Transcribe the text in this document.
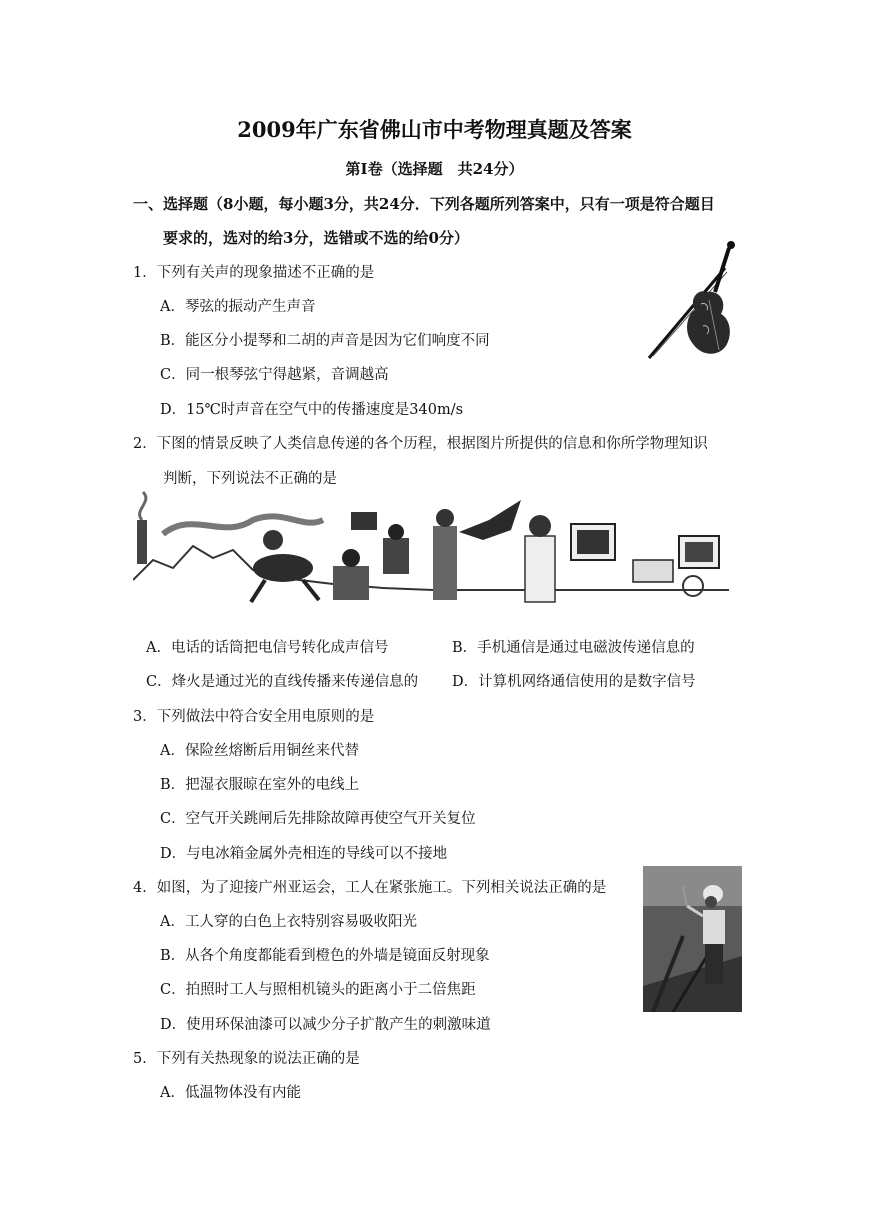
2009年广东省佛山市中考物理真题及答案
第Ⅰ卷（选择题　共24分）
一、选择题（8小题，每小题3分，共24分．下列各题所列答案中，只有一项是符合题目
要求的，选对的给3分，选错或不选的给0分）
1．下列有关声的现象描述不正确的是
A．琴弦的振动产生声音
B．能区分小提琴和二胡的声音是因为它们响度不同
C．同一根琴弦宁得越紧，音调越高
D．15℃时声音在空气中的传播速度是340m/s
2．下图的情景反映了人类信息传递的各个历程，根据图片所提供的信息和你所学物理知识
判断，下列说法不正确的是
A．电话的话筒把电信号转化成声信号	B．手机通信是通过电磁波传递信息的
C．烽火是通过光的直线传播来传递信息的 D．计算机网络通信使用的是数字信号
3．下列做法中符合安全用电原则的是
A．保险丝熔断后用铜丝来代替
B．把湿衣服晾在室外的电线上
C．空气开关跳闸后先排除故障再使空气开关复位
D．与电冰箱金属外壳相连的导线可以不接地
4．如图，为了迎接广州亚运会，工人在紧张施工。下列相关说法正确的是
A．工人穿的白色上衣特别容易吸收阳光
B．从各个角度都能看到橙色的外墙是镜面反射现象
C．拍照时工人与照相机镜头的距离小于二倍焦距
D．使用环保油漆可以减少分子扩散产生的刺激味道
5．下列有关热现象的说法正确的是
A．低温物体没有内能
